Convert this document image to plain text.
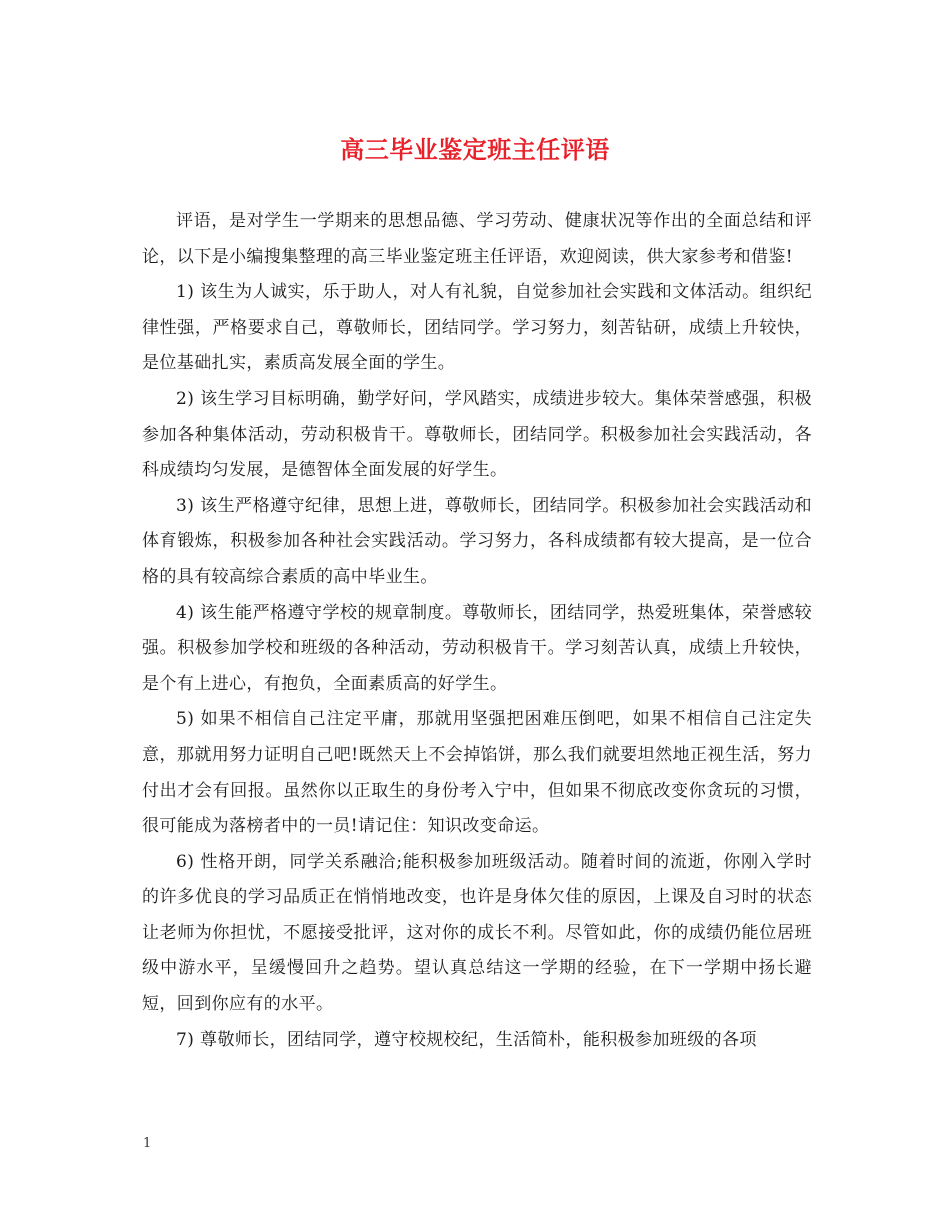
高三毕业鉴定班主任评语

评语，是对学生一学期来的思想品德、学习劳动、健康状况等作出的全面总结和评论，以下是小编搜集整理的高三毕业鉴定班主任评语，欢迎阅读，供大家参考和借鉴!

1) 该生为人诚实，乐于助人，对人有礼貌，自觉参加社会实践和文体活动。组织纪律性强，严格要求自己，尊敬师长，团结同学。学习努力，刻苦钻研，成绩上升较快，是位基础扎实，素质高发展全面的学生。

2) 该生学习目标明确，勤学好问，学风踏实，成绩进步较大。集体荣誉感强，积极参加各种集体活动，劳动积极肯干。尊敬师长，团结同学。积极参加社会实践活动，各科成绩均匀发展，是德智体全面发展的好学生。

3) 该生严格遵守纪律，思想上进，尊敬师长，团结同学。积极参加社会实践活动和体育锻炼，积极参加各种社会实践活动。学习努力，各科成绩都有较大提高，是一位合格的具有较高综合素质的高中毕业生。

4) 该生能严格遵守学校的规章制度。尊敬师长，团结同学，热爱班集体，荣誉感较强。积极参加学校和班级的各种活动，劳动积极肯干。学习刻苦认真，成绩上升较快，是个有上进心，有抱负，全面素质高的好学生。

5) 如果不相信自己注定平庸，那就用坚强把困难压倒吧，如果不相信自己注定失意，那就用努力证明自己吧!既然天上不会掉馅饼，那么我们就要坦然地正视生活，努力付出才会有回报。虽然你以正取生的身份考入宁中，但如果不彻底改变你贪玩的习惯，很可能成为落榜者中的一员!请记住：知识改变命运。

6) 性格开朗，同学关系融洽;能积极参加班级活动。随着时间的流逝，你刚入学时的许多优良的学习品质正在悄悄地改变，也许是身体欠佳的原因，上课及自习时的状态让老师为你担忧，不愿接受批评，这对你的成长不利。尽管如此，你的成绩仍能位居班级中游水平，呈缓慢回升之趋势。望认真总结这一学期的经验，在下一学期中扬长避短，回到你应有的水平。

7) 尊敬师长，团结同学，遵守校规校纪，生活简朴，能积极参加班级的各项

1
